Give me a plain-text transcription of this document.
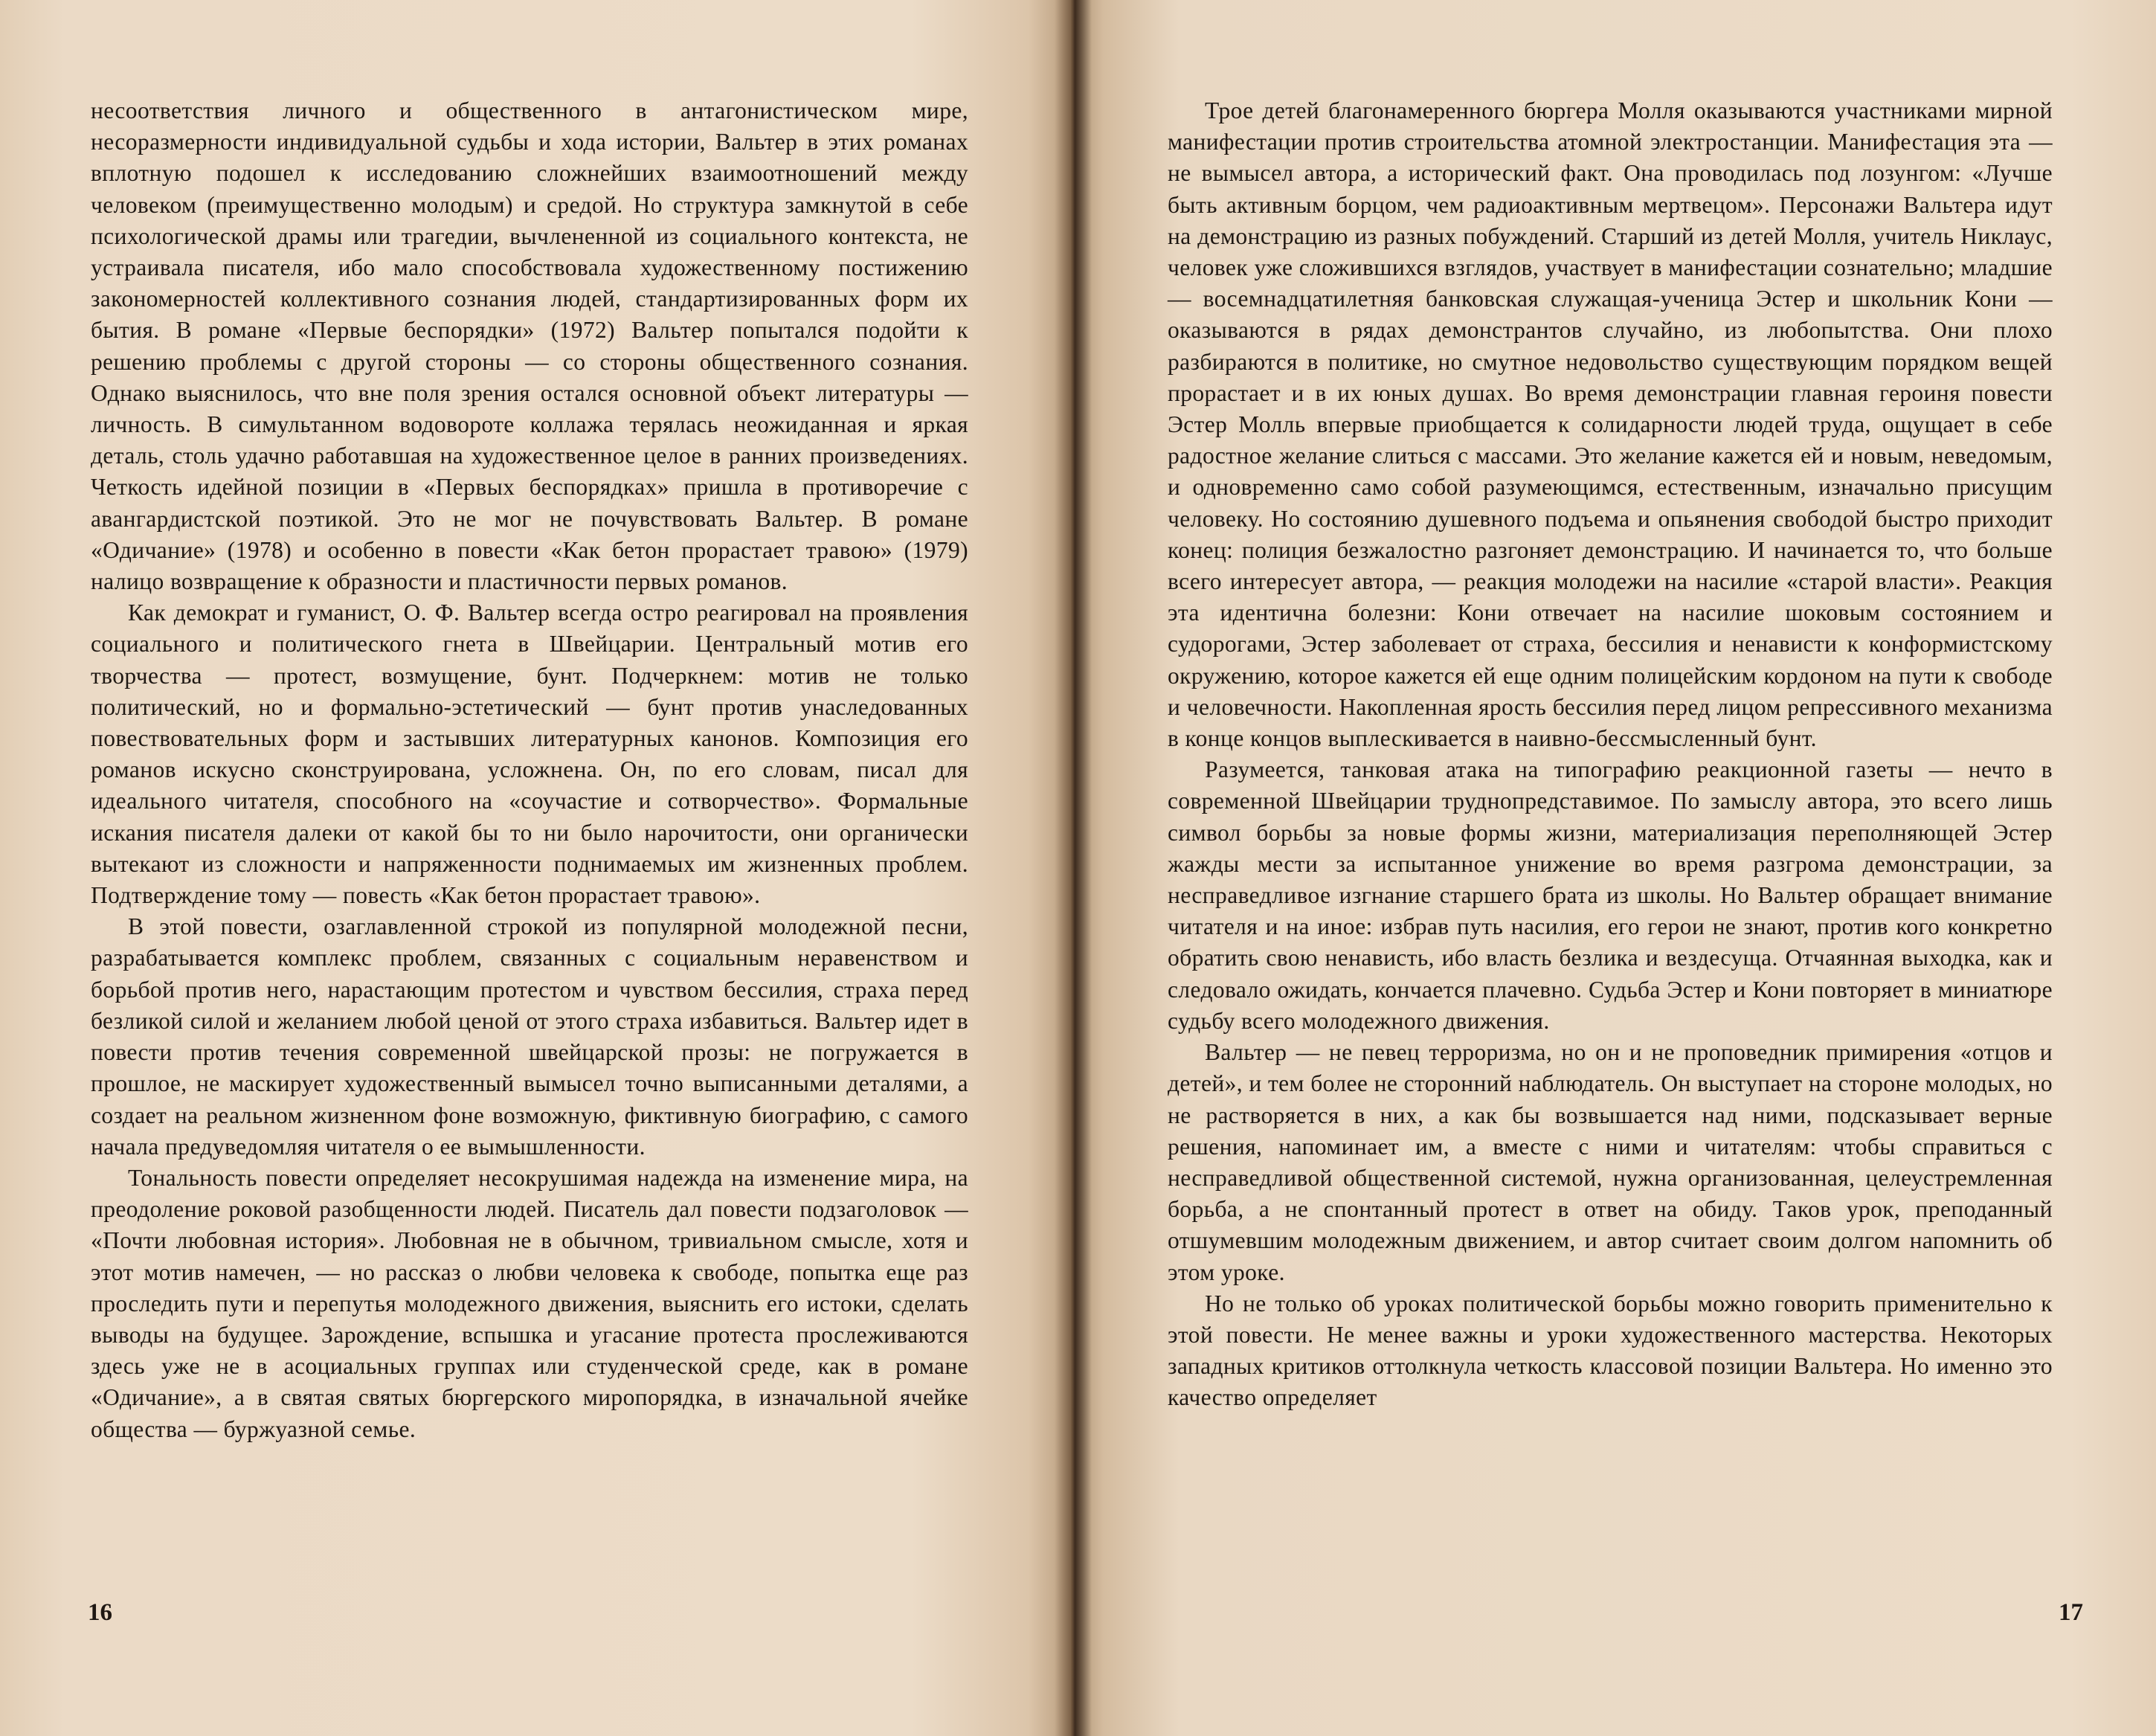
несоответствия личного и общественного в антагонистическом мире, несоразмерности индивидуальной судьбы и хода истории, Вальтер в этих романах вплотную подошел к исследованию сложнейших взаимоотношений между человеком (преимущественно молодым) и средой. Но структура замкнутой в себе психологической драмы или трагедии, вычлененной из социального контекста, не устраивала писателя, ибо мало способствовала художественному постижению закономерностей коллективного сознания людей, стандартизированных форм их бытия. В романе «Первые беспорядки» (1972) Вальтер попытался подойти к решению проблемы с другой стороны — со стороны общественного сознания. Однако выяснилось, что вне поля зрения остался основной объект литературы — личность. В симультанном водовороте коллажа терялась неожиданная и яркая деталь, столь удачно работавшая на художественное целое в ранних произведениях. Четкость идейной позиции в «Первых беспорядках» пришла в противоречие с авангардистской поэтикой. Это не мог не почувствовать Вальтер. В романе «Одичание» (1978) и особенно в повести «Как бетон прорастает травою» (1979) налицо возвращение к образности и пластичности первых романов.

Как демократ и гуманист, О. Ф. Вальтер всегда остро реагировал на проявления социального и политического гнета в Швейцарии. Центральный мотив его творчества — протест, возмущение, бунт. Подчеркнем: мотив не только политический, но и формально-эстетический — бунт против унаследованных повествовательных форм и застывших литературных канонов. Композиция его романов искусно сконструирована, усложнена. Он, по его словам, писал для идеального читателя, способного на «соучастие и сотворчество». Формальные искания писателя далеки от какой бы то ни было нарочитости, они органически вытекают из сложности и напряженности поднимаемых им жизненных проблем. Подтверждение тому — повесть «Как бетон прорастает травою».

В этой повести, озаглавленной строкой из популярной молодежной песни, разрабатывается комплекс проблем, связанных с социальным неравенством и борьбой против него, нарастающим протестом и чувством бессилия, страха перед безликой силой и желанием любой ценой от этого страха избавиться. Вальтер идет в повести против течения современной швейцарской прозы: не погружается в прошлое, не маскирует художественный вымысел точно выписанными деталями, а создает на реальном жизненном фоне возможную, фиктивную биографию, с самого начала предуведомляя читателя о ее вымышленности.

Тональность повести определяет несокрушимая надежда на изменение мира, на преодоление роковой разобщенности людей. Писатель дал повести подзаголовок — «Почти любовная история». Любовная не в обычном, тривиальном смысле, хотя и этот мотив намечен, — но рассказ о любви человека к свободе, попытка еще раз проследить пути и перепутья молодежного движения, выяснить его истоки, сделать выводы на будущее. Зарождение, вспышка и угасание протеста прослеживаются здесь уже не в асоциальных группах или студенческой среде, как в романе «Одичание», а в святая святых бюргерского миропорядка, в изначальной ячейке общества — буржуазной семье.

16

Трое детей благонамеренного бюргера Молля оказываются участниками мирной манифестации против строительства атомной электростанции. Манифестация эта — не вымысел автора, а исторический факт. Она проводилась под лозунгом: «Лучше быть активным борцом, чем радиоактивным мертвецом». Персонажи Вальтера идут на демонстрацию из разных побуждений. Старший из детей Молля, учитель Никлаус, человек уже сложившихся взглядов, участвует в манифестации сознательно; младшие — восемнадцатилетняя банковская служащая-ученица Эстер и школьник Кони — оказываются в рядах демонстрантов случайно, из любопытства. Они плохо разбираются в политике, но смутное недовольство существующим порядком вещей прорастает и в их юных душах. Во время демонстрации главная героиня повести Эстер Молль впервые приобщается к солидарности людей труда, ощущает в себе радостное желание слиться с массами. Это желание кажется ей и новым, неведомым, и одновременно само собой разумеющимся, естественным, изначально присущим человеку. Но состоянию душевного подъема и опьянения свободой быстро приходит конец: полиция безжалостно разгоняет демонстрацию. И начинается то, что больше всего интересует автора, — реакция молодежи на насилие «старой власти». Реакция эта идентична болезни: Кони отвечает на насилие шоковым состоянием и судорогами, Эстер заболевает от страха, бессилия и ненависти к конформистскому окружению, которое кажется ей еще одним полицейским кордоном на пути к свободе и человечности. Накопленная ярость бессилия перед лицом репрессивного механизма в конце концов выплескивается в наивно-бессмысленный бунт.

Разумеется, танковая атака на типографию реакционной газеты — нечто в современной Швейцарии труднопредставимое. По замыслу автора, это всего лишь символ борьбы за новые формы жизни, материализация переполняющей Эстер жажды мести за испытанное унижение во время разгрома демонстрации, за несправедливое изгнание старшего брата из школы. Но Вальтер обращает внимание читателя и на иное: избрав путь насилия, его герои не знают, против кого конкретно обратить свою ненависть, ибо власть безлика и вездесуща. Отчаянная выходка, как и следовало ожидать, кончается плачевно. Судьба Эстер и Кони повторяет в миниатюре судьбу всего молодежного движения.

Вальтер — не певец терроризма, но он и не проповедник примирения «отцов и детей», и тем более не сторонний наблюдатель. Он выступает на стороне молодых, но не растворяется в них, а как бы возвышается над ними, подсказывает верные решения, напоминает им, а вместе с ними и читателям: чтобы справиться с несправедливой общественной системой, нужна организованная, целеустремленная борьба, а не спонтанный протест в ответ на обиду. Таков урок, преподанный отшумевшим молодежным движением, и автор считает своим долгом напомнить об этом уроке.

Но не только об уроках политической борьбы можно говорить применительно к этой повести. Не менее важны и уроки художественного мастерства. Некоторых западных критиков оттолкнула четкость классовой позиции Вальтера. Но именно это качество определяет

17
